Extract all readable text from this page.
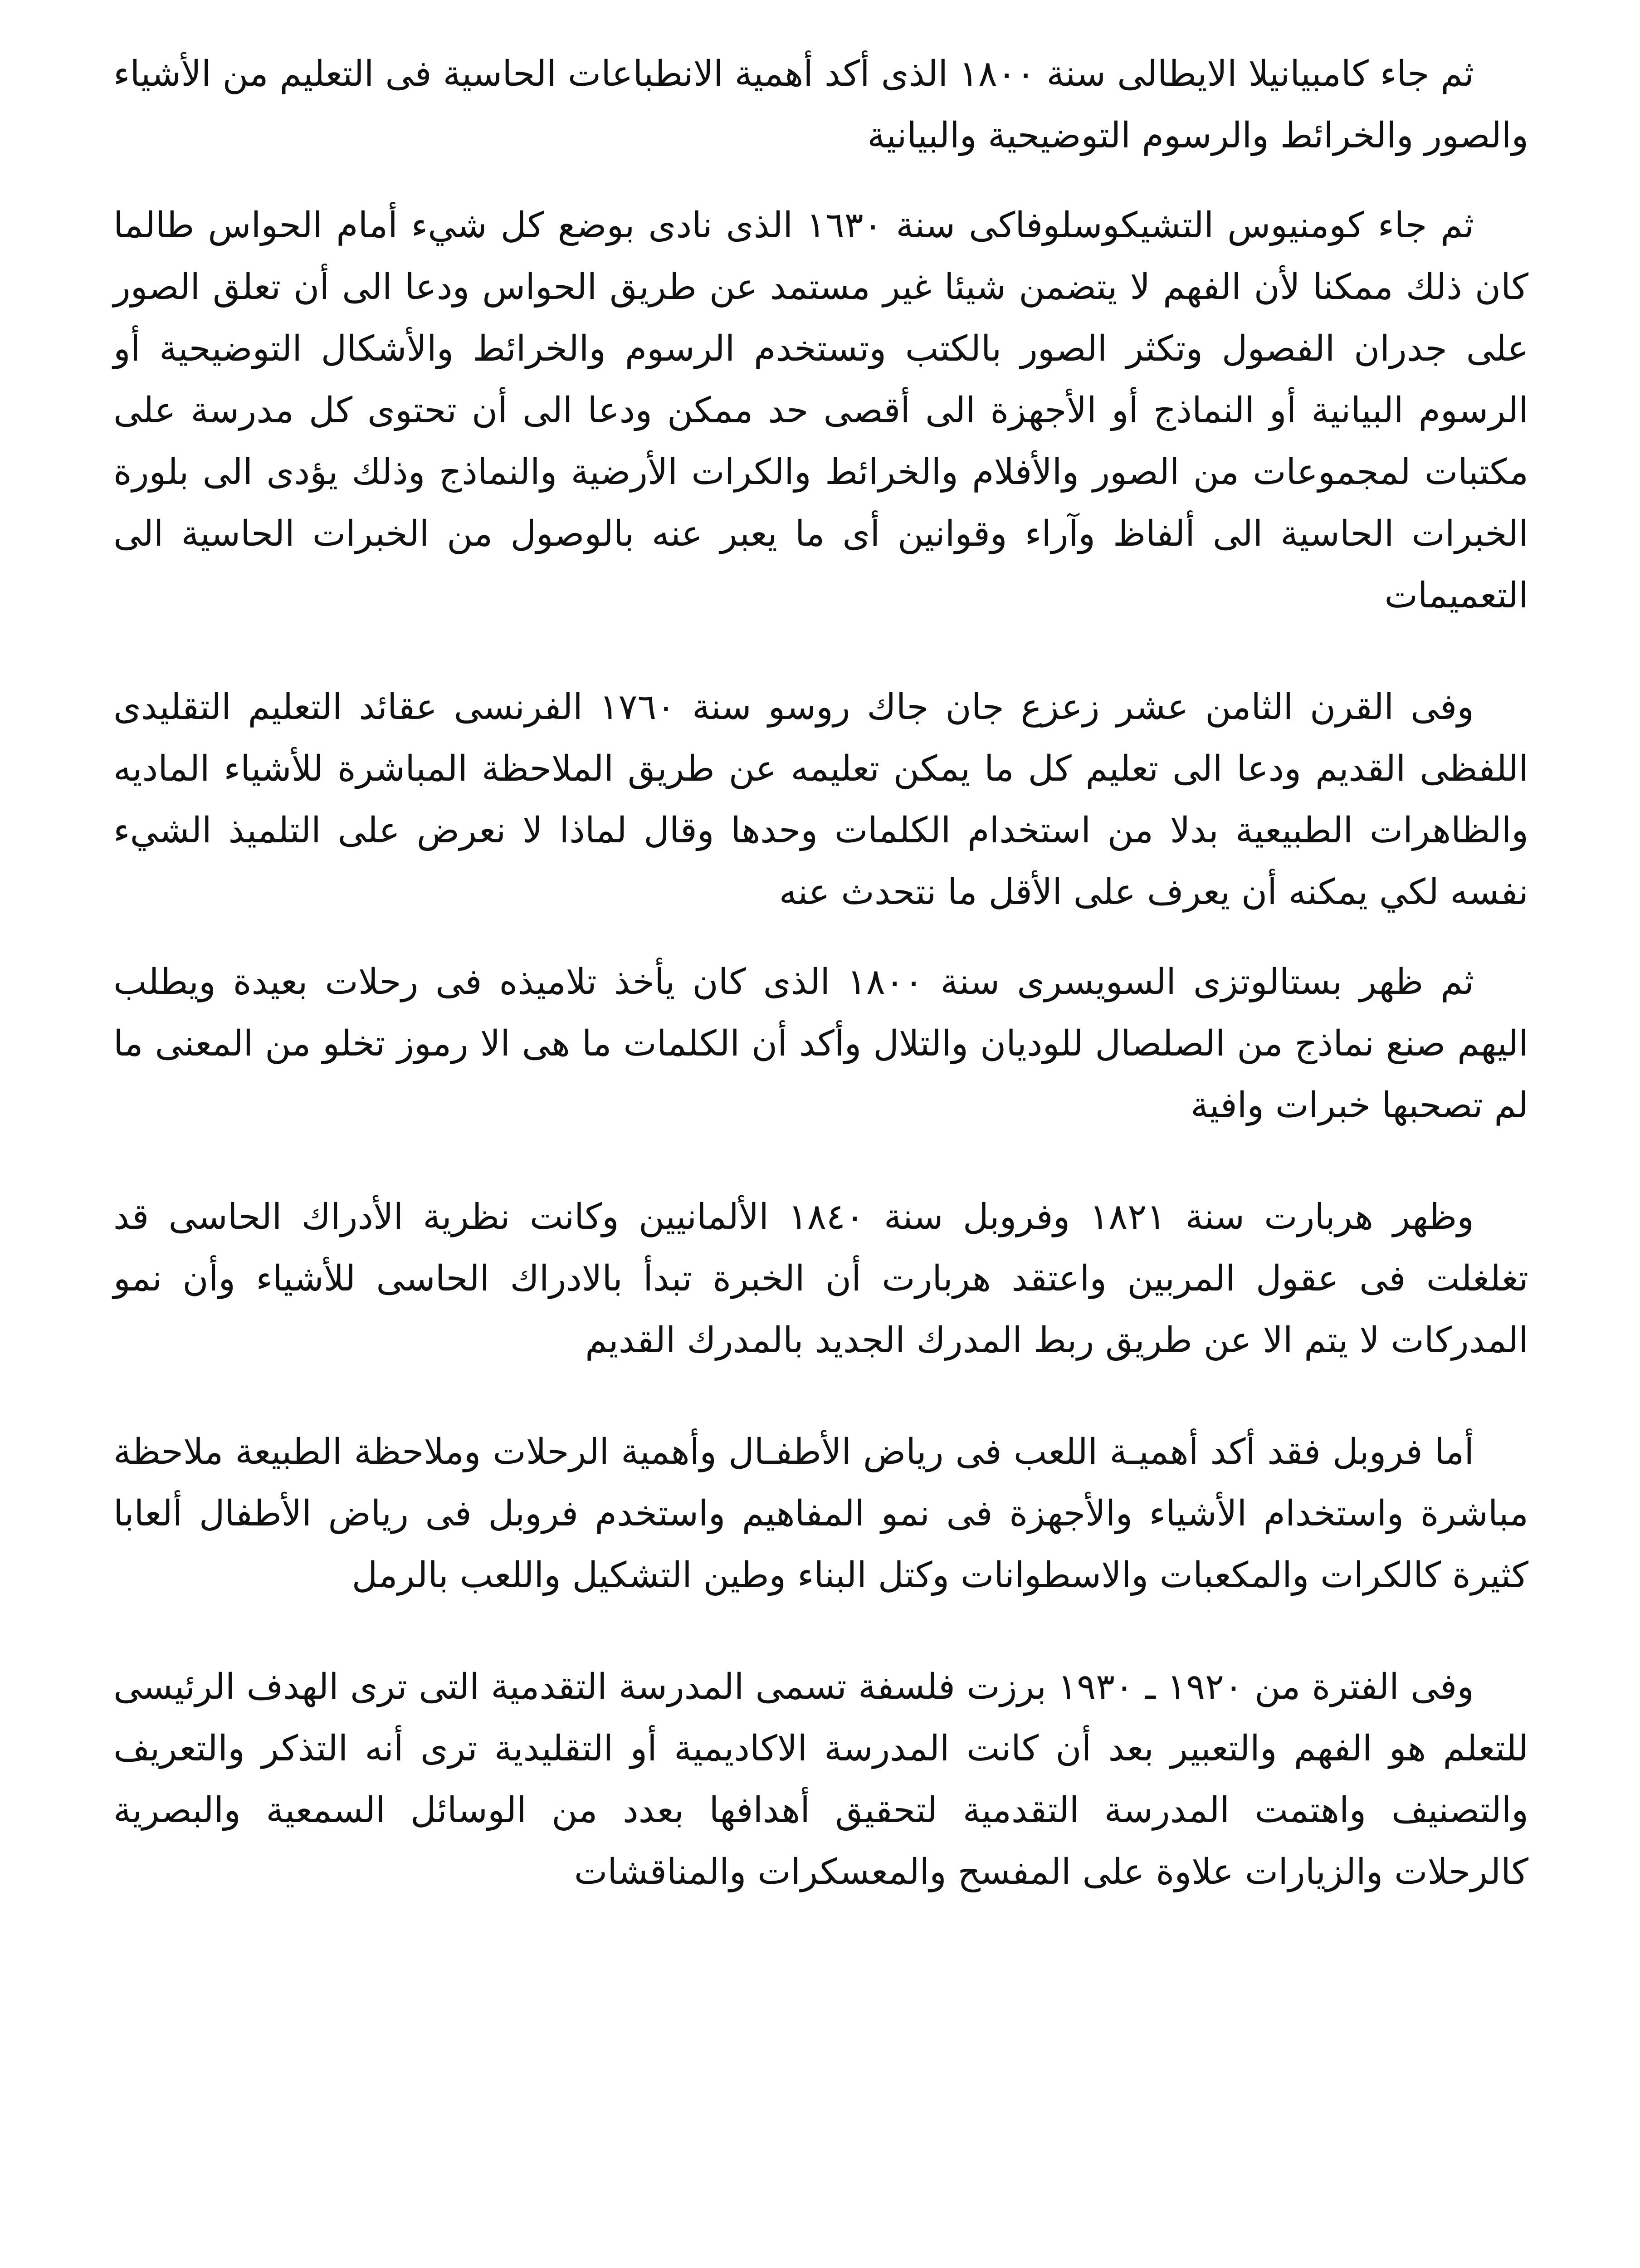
ثم جاء كامبيانيلا الايطالى سنة ١٨٠٠ الذى أكد أهمية الانطباعات الحاسية فى التعليم من الأشياء والصور والخرائط والرسوم التوضيحية والبيانية

ثم جاء كومنيوس التشيكوسلوفاكى سنة ١٦٣٠ الذى نادى بوضع كل شيء أمام الحواس طالما كان ذلك ممكنا لأن الفهم لا يتضمن شيئا غير مستمد عن طريق الحواس ودعا الى أن تعلق الصور على جدران الفصول وتكثر الصور بالكتب وتستخدم الرسوم والخرائط والأشكال التوضيحية أو الرسوم البيانية أو النماذج أو الأجهزة الى أقصى حد ممكن ودعا الى أن تحتوى كل مدرسة على مكتبات لمجموعات من الصور والأفلام والخرائط والكرات الأرضية والنماذج وذلك يؤدى الى بلورة الخبرات الحاسية الى ألفاظ وآراء وقوانين أى ما يعبر عنه بالوصول من الخبرات الحاسية الى التعميمات

وفى القرن الثامن عشر زعزع جان جاك روسو سنة ١٧٦٠ الفرنسى عقائد التعليم التقليدى اللفظى القديم ودعا الى تعليم كل ما يمكن تعليمه عن طريق الملاحظة المباشرة للأشياء الماديه والظاهرات الطبيعية بدلا من استخدام الكلمات وحدها وقال لماذا لا نعرض على التلميذ الشيء نفسه لكي يمكنه أن يعرف على الأقل ما نتحدث عنه

ثم ظهر بستالوتزى السويسرى سنة ١٨٠٠ الذى كان يأخذ تلاميذه فى رحلات بعيدة ويطلب اليهم صنع نماذج من الصلصال للوديان والتلال وأكد أن الكلمات ما هى الا رموز تخلو من المعنى ما لم تصحبها خبرات وافية

وظهر هربارت سنة ١٨٢١ وفروبل سنة ١٨٤٠ الألمانيين وكانت نظرية الأدراك الحاسى قد تغلغلت فى عقول المربين واعتقد هربارت أن الخبرة تبدأ بالادراك الحاسى للأشياء وأن نمو المدركات لا يتم الا عن طريق ربط المدرك الجديد بالمدرك القديم

أما فروبل فقد أكد أهميـة اللعب فى رياض الأطفـال وأهمية الرحلات وملاحظة الطبيعة ملاحظة مباشرة واستخدام الأشياء والأجهزة فى نمو المفاهيم واستخدم فروبل فى رياض الأطفال ألعابا كثيرة كالكرات والمكعبات والاسطوانات وكتل البناء وطين التشكيل واللعب بالرمل

وفى الفترة من ١٩٢٠ ـ ١٩٣٠ برزت فلسفة تسمى المدرسة التقدمية التى ترى الهدف الرئيسى للتعلم هو الفهم والتعبير بعد أن كانت المدرسة الاكاديمية أو التقليدية ترى أنه التذكر والتعريف والتصنيف واهتمت المدرسة التقدمية لتحقيق أهدافها بعدد من الوسائل السمعية والبصرية كالرحلات والزيارات علاوة على المفسح والمعسكرات والمناقشات
